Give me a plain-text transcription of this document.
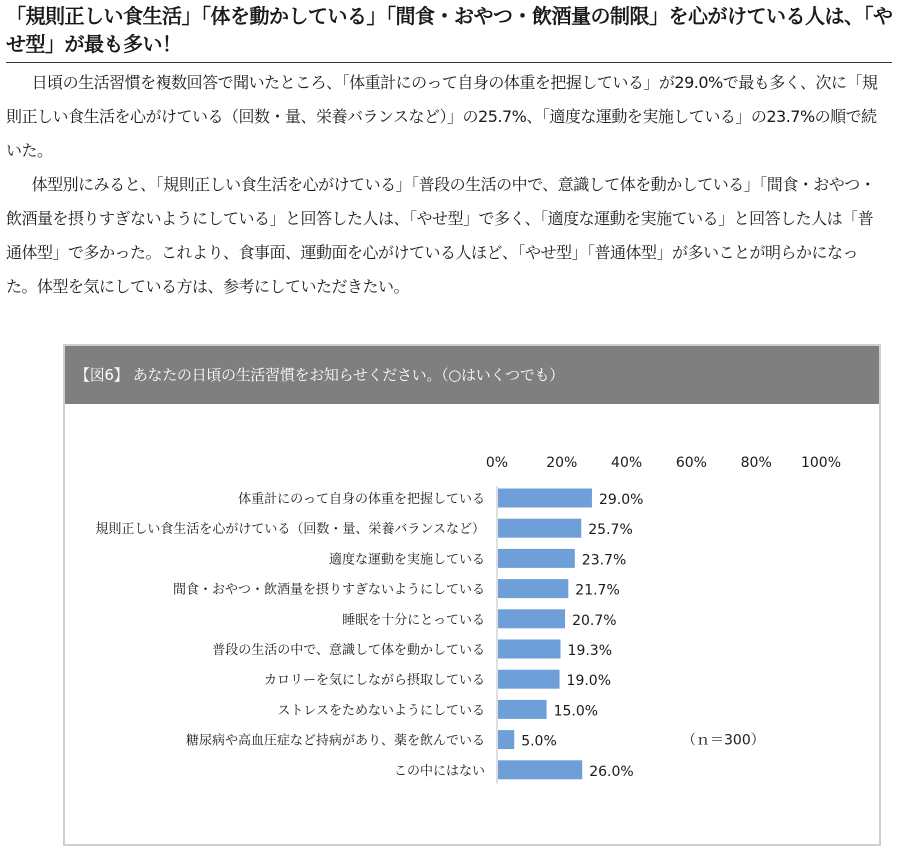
「規則正しい食生活」「体を動かしている」「間食・おやつ・飲酒量の制限」を心がけている人は、「やせ型」が最も多い！

日頃の生活習慣を複数回答で聞いたところ、「体重計にのって自身の体重を把握している」が29.0%で最も多く、次に「規則正しい食生活を心がけている（回数・量、栄養バランスなど）」の25.7%、「適度な運動を実施している」の23.7%の順で続いた。

体型別にみると、「規則正しい食生活を心がけている」「普段の生活の中で、意識して体を動かしている」「間食・おやつ・飲酒量を摂りすぎないようにしている」と回答した人は、「やせ型」で多く、「適度な運動を実施ている」と回答した人は「普通体型」で多かった。これより、食事面、運動面を心がけている人ほど、「やせ型」「普通体型」が多いことが明らかになった。体型を気にしている方は、参考にしていただきたい。

【図6】 あなたの日頃の生活習慣をお知らせください。（○はいくつでも）
0%	20% 40% 60% 80% 100%
体重計にのって自身の体重を把握している	29.0%
規則正しい食生活を心がけている（回数・量、栄養バランスなど）	25.7%
適度な運動を実施している	23.7%
間食・おやつ・飲酒量を摂りすぎないようにしている	21.7%
睡眠を十分にとっている	20.7%
普段の生活の中で、意識して体を動かしている	19.3%
カロリーを気にしながら摂取している	19.0%
ストレスをためないようにしている	15.0%
糖尿病や高血圧症など持病があり、薬を飲んでいる	5.0%
この中にはない	26.0%
（ｎ＝300）
